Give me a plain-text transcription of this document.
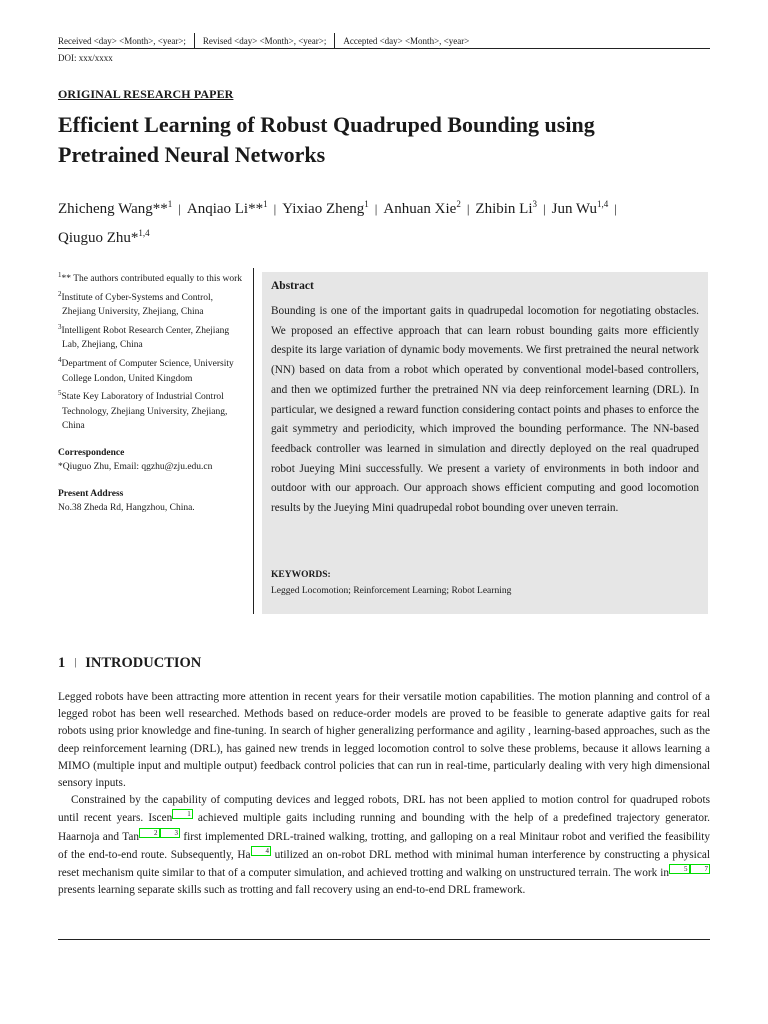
Received <day> <Month>, <year>; Revised <day> <Month>, <year>; Accepted <day> <Month>, <year>
DOI: xxx/xxxx
ORIGINAL RESEARCH PAPER
Efficient Learning of Robust Quadruped Bounding using Pretrained Neural Networks
Zhicheng Wang**$^1$ | Anqiao Li**$^1$ | Yixiao Zheng$^1$ | Anhuan Xie$^2$ | Zhibin Li$^3$ | Jun Wu$^{1,4}$ |Qiuguo Zhu*$^{1,4}$

$^1$** The authors contributed equally to this work

$^2$Institute of Cyber-Systems and Control, Zhejiang University, Zhejiang, China

$^3$Intelligent Robot Research Center, Zhejiang Lab, Zhejiang, China

$^4$Department of Computer Science, University College London, United Kingdom

$^5$State Key Laboratory of Industrial Control Technology, Zhejiang University, Zhejiang, China

Correspondence
*Qiuguo Zhu, Email: qgzhu@zju.edu.cn
Present Address
No.38 Zheda Rd, Hangzhou, China.
Abstract
Bounding is one of the important gaits in quadrupedal locomotion for negotiating obstacles. We proposed an effective approach that can learn robust bounding gaits more efficiently despite its large variation of dynamic body movements. We first pretrained the neural network (NN) based on data from a robot which operated by conventional model-based controllers, and then we optimized further the pretrained NN via deep reinforcement learning (DRL). In particular, we designed a reward function considering contact points and phases to enforce the gait symmetry and periodicity, which improved the bounding performance. The NN-based feedback controller was learned in simulation and directly deployed on the real quadruped robot Jueying Mini successfully. We present a variety of environments in both indoor and outdoor with our approach. Our approach shows efficient computing and good locomotion results by the Jueying Mini quadrupedal robot bounding over uneven terrain.
KEYWORDS:
Legged Locomotion; Reinforcement Learning; Robot Learning
1 | INTRODUCTION

Legged robots have been attracting more attention in recent years for their versatile motion capabilities. The motion planning and control of a legged robot has been well researched. Methods based on reduce-order models are proved to be feasible to generate adaptive gaits for real robots using prior knowledge and fine-tuning. In search of higher generalizing performance and agility , learning-based approaches, such as the deep reinforcement learning (DRL), has gained new trends in legged locomotion control to solve these problems, because it allows learning a MIMO (multiple input and multiple output) feedback control policies that can run in real-time, particularly dealing with very high dimensional sensory inputs.

Constrained by the capability of computing devices and legged robots, DRL has not been applied to motion control for quadruped robots until recent years. Iscen 1 achieved multiple gaits including running and bounding with the help of a predefined trajectory generator. Haarnoja and Tan 2 3 first implemented DRL-trained walking, trotting, and galloping on a real Minitaur robot and verified the feasibility of the end-to-end route. Subsequently, Ha 4 utilized an on-robot DRL method with minimal human interference by constructing a physical reset mechanism quite similar to that of a computer simulation, and achieved trotting and walking on unstructured terrain. The work in 5 7 presents learning separate skills such as trotting and fall recovery using an end-to-end DRL framework.
